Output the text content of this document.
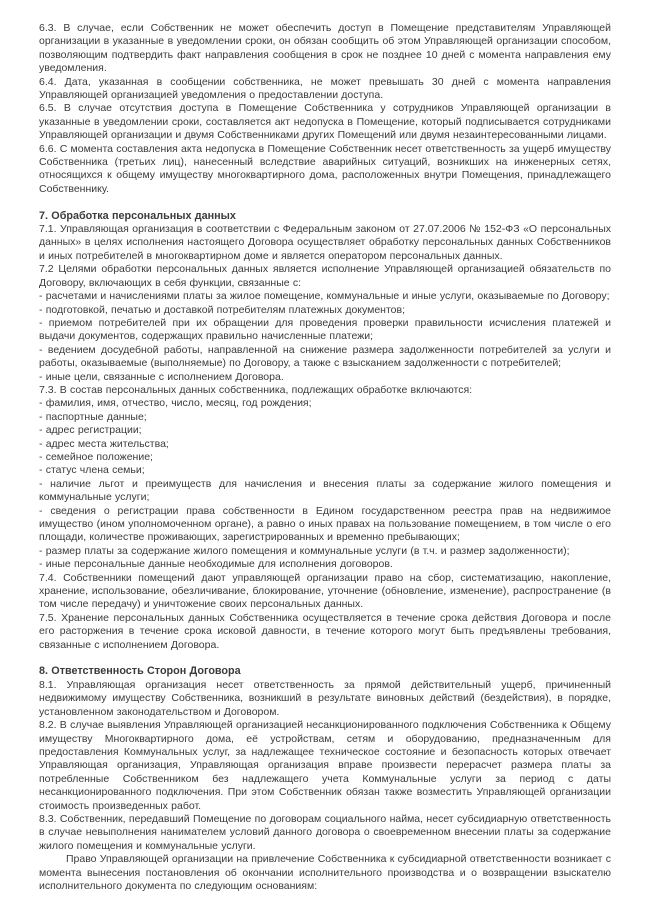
6.3. В случае, если Собственник не может обеспечить доступ в Помещение представителям Управляющей организации в указанные в уведомлении сроки, он обязан сообщить об этом Управляющей организации способом, позволяющим подтвердить факт направления сообщения в срок не позднее 10 дней с момента направления ему уведомления.

6.4. Дата, указанная в сообщении собственника, не может превышать 30 дней с момента направления Управляющей организацией уведомления о предоставлении доступа.

6.5. В случае отсутствия доступа в Помещение Собственника у сотрудников Управляющей организации в указанные в уведомлении сроки, составляется акт недопуска в Помещение, который подписывается сотрудниками Управляющей организации и двумя Собственниками других Помещений или двумя незаинтересованными лицами.

6.6. С момента составления акта недопуска в Помещение Собственник несет ответственность за ущерб имуществу Собственника (третьих лиц), нанесенный вследствие аварийных ситуаций, возникших на инженерных сетях, относящихся к общему имуществу многоквартирного дома, расположенных внутри Помещения, принадлежащего Собственнику.

7. Обработка персональных данных

7.1. Управляющая организация в соответствии с Федеральным законом от 27.07.2006 № 152-ФЗ «О персональных данных» в целях исполнения настоящего Договора осуществляет обработку персональных данных Собственников и иных потребителей в многоквартирном доме и является оператором персональных данных.

7.2 Целями обработки персональных данных является исполнение Управляющей организацией обязательств по Договору, включающих в себя функции, связанные с:

- расчетами и начислениями платы за жилое помещение, коммунальные и иные услуги, оказываемые по Договору;

- подготовкой, печатью и доставкой потребителям платежных документов;

- приемом потребителей при их обращении для проведения проверки правильности исчисления платежей и выдачи документов, содержащих правильно начисленные платежи;

- ведением досудебной работы, направленной на снижение размера задолженности потребителей за услуги и работы, оказываемые (выполняемые) по Договору, а также с взысканием задолженности с потребителей;

- иные цели, связанные с исполнением Договора.

7.3. В состав персональных данных собственника, подлежащих обработке включаются:

- фамилия, имя, отчество, число, месяц, год рождения;

- паспортные данные;

- адрес регистрации;

- адрес места жительства;

- семейное положение;

- статус члена семьи;

- наличие льгот и преимуществ для начисления и внесения платы за содержание жилого помещения и коммунальные услуги;

- сведения о регистрации права собственности в Едином государственном реестра прав на недвижимое имущество (ином уполномоченном органе), а равно о иных правах на пользование помещением, в том числе о его площади, количестве проживающих, зарегистрированных и временно пребывающих;

- размер платы за содержание жилого помещения и коммунальные услуги (в т.ч. и размер задолженности);

- иные персональные данные необходимые для исполнения договоров.

7.4. Собственники помещений дают управляющей организации право на сбор, систематизацию, накопление, хранение, использование, обезличивание, блокирование, уточнение (обновление, изменение), распространение (в том числе передачу) и уничтожение своих персональных данных.

7.5. Хранение персональных данных Собственника осуществляется в течение срока действия Договора и после его расторжения в течение срока исковой давности, в течение которого могут быть предъявлены требования, связанные с исполнением Договора.

8. Ответственность Сторон Договора

8.1. Управляющая организация несет ответственность за прямой действительный ущерб, причиненный недвижимому имуществу Собственника, возникший в результате виновных действий (бездействия), в порядке, установленном законодательством и Договором.

8.2. В случае выявления Управляющей организацией несанкционированного подключения Собственника к Общему имуществу Многоквартирного дома, её устройствам, сетям и оборудованию, предназначенным для предоставления Коммунальных услуг, за надлежащее техническое состояние и безопасность которых отвечает Управляющая организация, Управляющая организация вправе произвести перерасчет размера платы за потребленные Собственником без надлежащего учета Коммунальные услуги за период с даты несанкционированного подключения. При этом Собственник обязан также возместить Управляющей организации стоимость произведенных работ.

8.3. Собственник, передавший Помещение по договорам социального найма, несет субсидиарную ответственность в случае невыполнения нанимателем условий данного договора о своевременном внесении платы за содержание жилого помещения и коммунальные услуги.

Право Управляющей организации на привлечение Собственника к субсидиарной ответственности возникает с момента вынесения постановления об окончании исполнительного производства и о возвращении взыскателю исполнительного документа по следующим основаниям:
